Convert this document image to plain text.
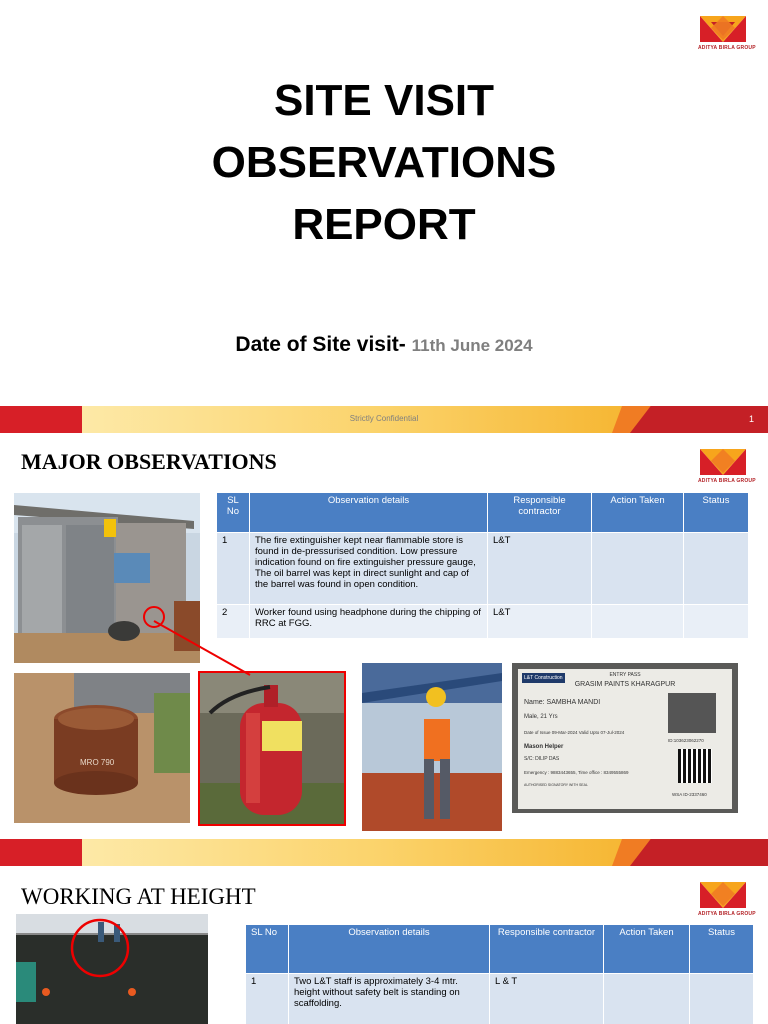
ADITYA BIRLA GROUP
SITE VISIT
OBSERVATIONS
REPORT
Date of Site visit- 11th June 2024
Strictly Confidential	1
MAJOR OBSERVATIONS
ADITYA BIRLA GROUP
SL No	Observation details	Responsible contractor	Action Taken	Status
1	The fire extinguisher kept near flammable store is found in de-pressurised condition. Low pressure indication found on fire extinguisher pressure gauge, The oil barrel was kept in direct sunlight and cap of the barrel was found in open condition.	L&T		
2	Worker found using headphone during the chipping of RRC at FGG.	L&T		
MRO 790
L&T Construction	ENTRY PASS
GRASIM PAINTS KHARAGPUR
Name: SAMBHA MANDI
Male, 21 Yrs
Date of Issue 09-Mar-2024 Valid Upto 07-Jul-2024
Mason Helper
S/C: DILIP DAS
Emergency : 9883443655, Time office : 8349555869
AUTHORISED SIGNATORY WITH SEAL
ID:103623062270
WSA ID-2337460
WORKING AT HEIGHT
ADITYA BIRLA GROUP
SL No	Observation details	Responsible contractor	Action Taken	Status
1	Two L&T staff is approximately 3-4 mtr. height without safety belt is standing on scaffolding.	L & T		
